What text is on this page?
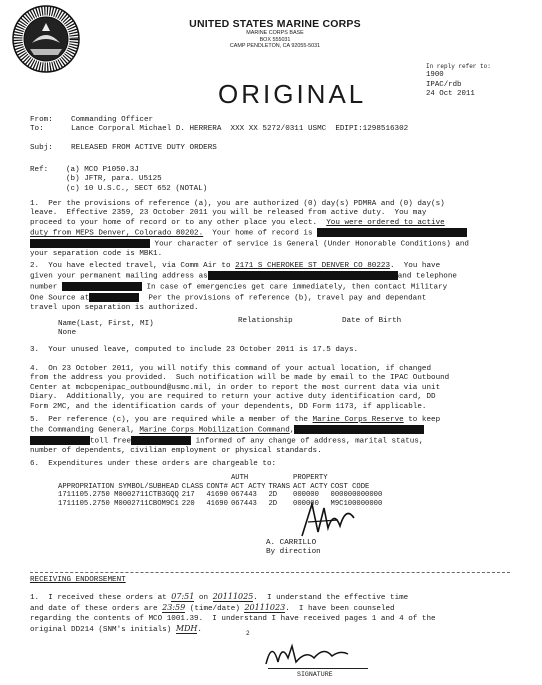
UNITED STATES MARINE CORPS
MARINE CORPS BASE
BOX 555031
CAMP PENDLETON, CA 92055-5031
In reply refer to:
1900
IPAC/rdb
24 Oct 2011
ORIGINAL
From: Commanding Officer
To:	Lance Corporal Michael D. HERRERA  XXX XX 5272/0311 USMC  EDIPI:1298516302
Subj: RELEASED FROM ACTIVE DUTY ORDERS
Ref: (a) MCO P1050.3J
(b) JFTR, para. U5125
(c) 10 U.S.C., SECT 652 (NOTAL)
1.  Per the provisions of reference (a), you are authorized (0) day(s) PDMRA and (0) day(s)
leave.  Effective 2359, 23 October 2011 you will be released from active duty.  You may
proceed to your home of record or to any other place you elect. You were ordered to active
duty from MEPS Denver, Colorado 80202.  Your home of record is
Your character of service is General (Under Honorable Conditions) and
your separation code is MBK1.
2.  You have elected travel, via Comm Air to 2171 S CHEROKEE ST DENVER CO 80223.  You have
given your permanent mailing address as	and telephone
number	In case of emergencies get care immediately, then contact Military
One Source at	Per the provisions of reference (b), travel pay and dependant
travel upon separation is authorized.
Name(Last, First, MI)	Relationship	Date of Birth
None
3.  Your unused leave, computed to include 23 October 2011 is 17.5 days.
4.  On 23 October 2011, you will notify this command of your actual location, if changed
from the address you provided.  Such notification will be made by email to the IPAC Outbound
Center at mcbcpenipac_outbound@usmc.mil, in order to report the most current data via unit
Diary.  Additionally, you are required to return your active duty identification card, DD
Form 2MC, and the identification cards of your dependents, DD Form 1173, if applicable.
5.  Per reference (c), you are required while a member of the Marine Corps Reserve to keep
the Commanding General, Marine Corps Mobilization Command,
toll free	informed of any change of address, marital status,
number of dependents, civilian employment or physical standards.
6.  Expenditures under these orders are chargeable to:
			AUTH		PROPERTY	
APPROPRIATION SYMBOL/SUBHEAD	CLASS	CONT#	ACT ACTY	TRANS	ACT ACTY	COST CODE
1711105.2750 M0002711CTB3GQQ	217	41690	067443	2D	000000	000000000000
1711105.2750 M0002711CBOM9C1	220	41690	067443	2D	000000	M9C100000000
A. CARRILLO
By direction
RECEIVING ENDORSEMENT
1.  I received these orders at 07:51 on 20111025.  I understand the effective time
and date of these orders are 23:59 (time/date) 20111023.  I have been counseled
regarding the contents of MCO 1001.39.  I understand I have received pages 1 and 4 of the
original DD214 (SNM's initials) MDH.	2
SIGNATURE
